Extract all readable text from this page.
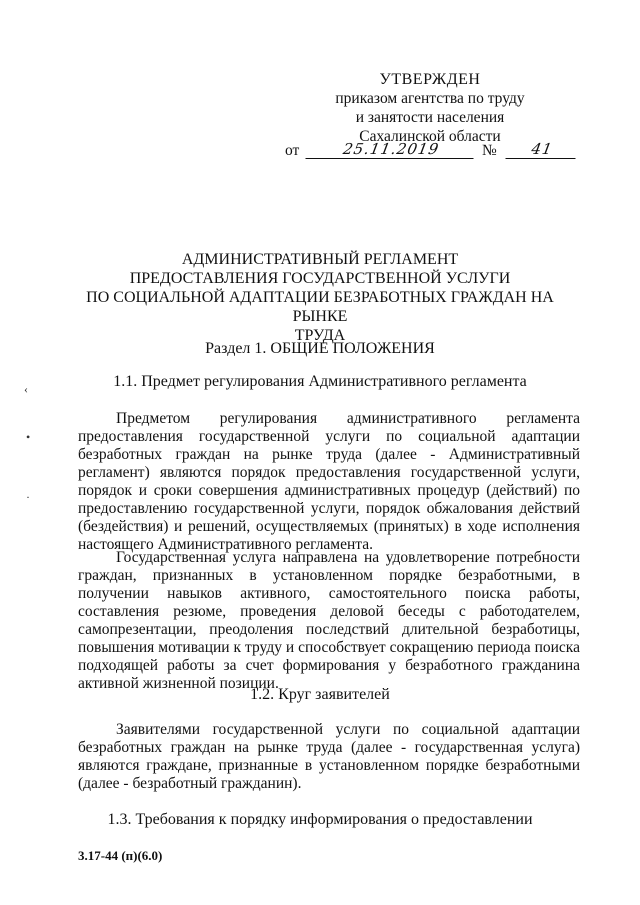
‹
•
·
УТВЕРЖДЕН
приказом агентства по труду
и занятости населения
Сахалинской области
от	25.11.2019	№	41
АДМИНИСТРАТИВНЫЙ РЕГЛАМЕНТ
ПРЕДОСТАВЛЕНИЯ ГОСУДАРСТВЕННОЙ УСЛУГИ
ПО СОЦИАЛЬНОЙ АДАПТАЦИИ БЕЗРАБОТНЫХ ГРАЖДАН НА РЫНКЕ
ТРУДА
Раздел 1. ОБЩИЕ ПОЛОЖЕНИЯ
1.1. Предмет регулирования Административного регламента
Предметом регулирования административного регламента предоставления государственной услуги по социальной адаптации безработных граждан на рынке труда (далее - Административный регламент) являются порядок предоставления государственной услуги, порядок и сроки совершения административных процедур (действий) по предоставлению государственной услуги, порядок обжалования действий (бездействия) и решений, осуществляемых (принятых) в ходе исполнения настоящего Административного регламента.
Государственная услуга направлена на удовлетворение потребности граждан, признанных в установленном порядке безработными, в получении навыков активного, самостоятельного поиска работы, составления резюме, проведения деловой беседы с работодателем, самопрезентации, преодоления последствий длительной безработицы, повышения мотивации к труду и способствует сокращению периода поиска подходящей работы за счет формирования у безработного гражданина активной жизненной позиции.
1.2. Круг заявителей
Заявителями государственной услуги по социальной адаптации безработных граждан на рынке труда (далее - государственная услуга) являются граждане, признанные в установленном порядке безработными (далее - безработный гражданин).
1.3. Требования к порядку информирования о предоставлении
3.17-44 (п)(6.0)
